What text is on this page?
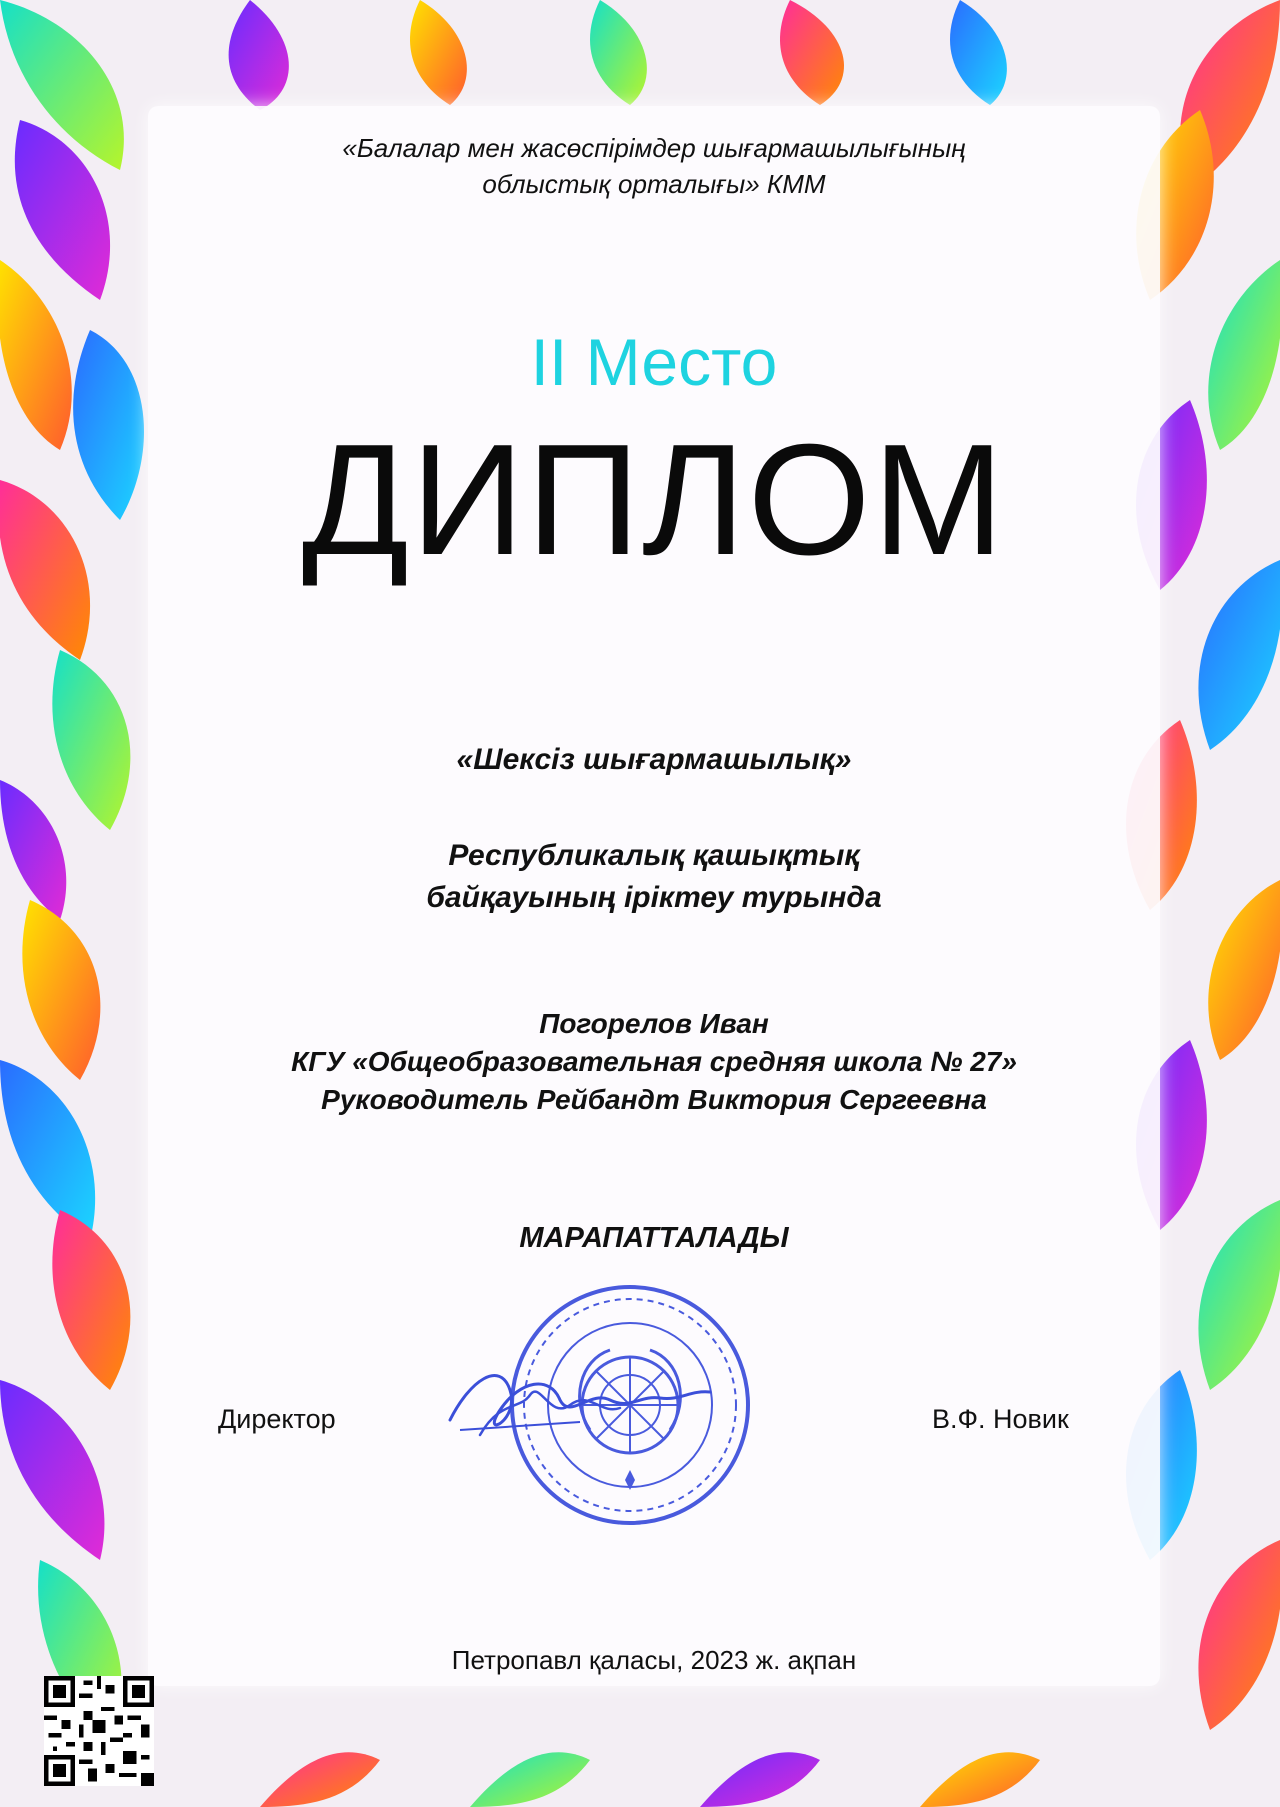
«Балалар мен жасөспірімдер шығармашылығының
облыстық орталығы» КММ

II Место

ДИПЛОМ

«Шексіз шығармашылық»

Республикалық қашықтық
байқауының іріктеу турында

Погорелов Иван
КГУ «Общеобразовательная средняя школа № 27»
Руководитель Рейбандт Виктория Сергеевна

МАРАПАТТАЛАДЫ

Директор	В.Ф. Новик

Петропавл қаласы, 2023 ж. ақпан
